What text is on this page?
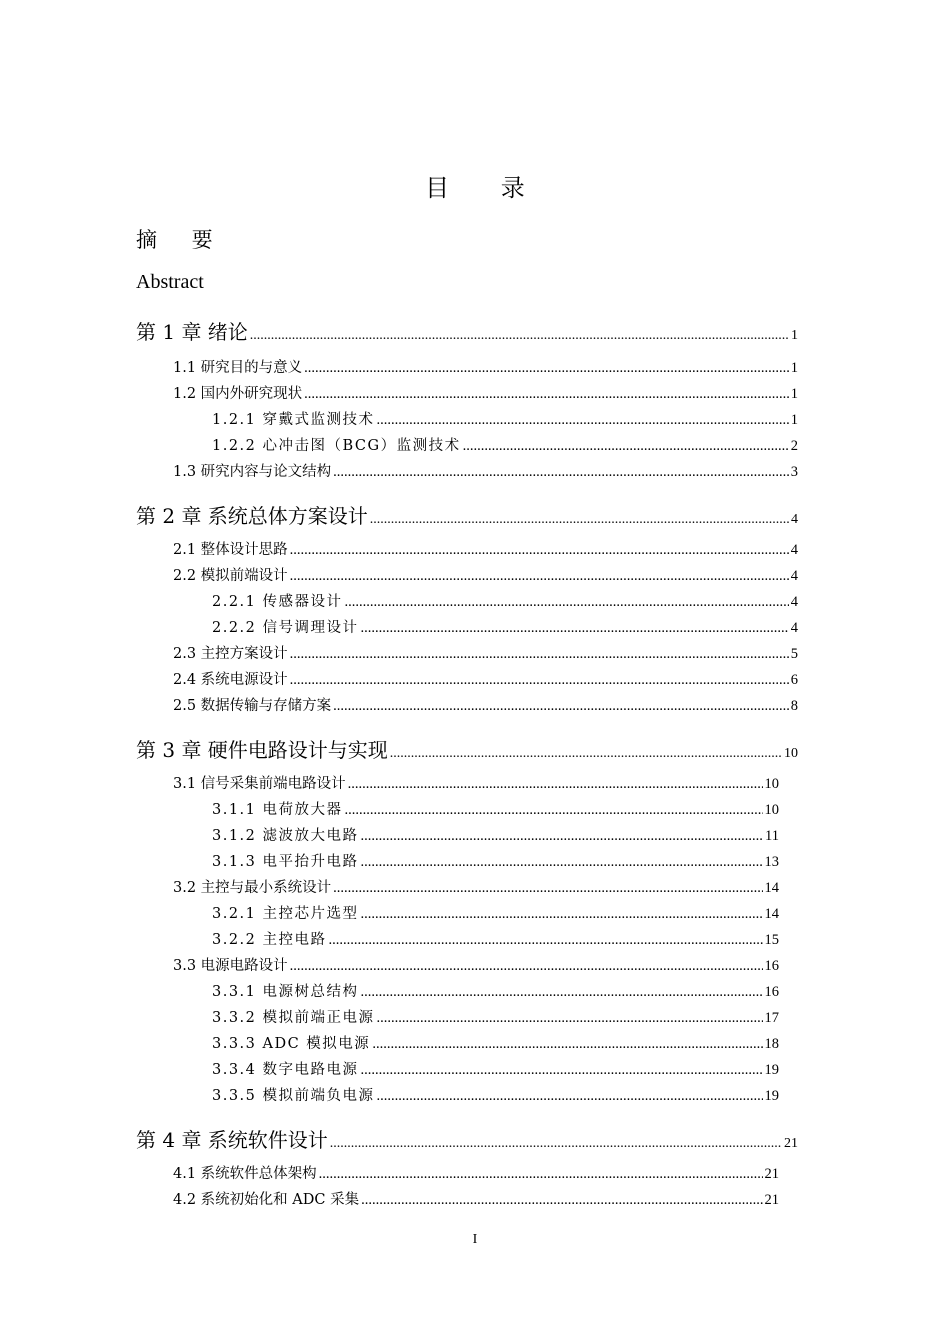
目 录
摘 要
Abstract
第 1 章 绪论 .....	1
1.1 研究目的与意义 .....	1
1.2 国内外研究现状 .....	1
1.2.1 穿戴式监测技术 .....	1
1.2.2 心冲击图（BCG）监测技术 .....	2
1.3 研究内容与论文结构 .....	3
第 2 章 系统总体方案设计 .....	4
2.1 整体设计思路 .....	4
2.2 模拟前端设计 .....	4
2.2.1 传感器设计 .....	4
2.2.2 信号调理设计 .....	4
2.3 主控方案设计 .....	5
2.4 系统电源设计 .....	6
2.5 数据传输与存储方案 .....	8
第 3 章 硬件电路设计与实现 .....	10
3.1 信号采集前端电路设计 .....	10
3.1.1 电荷放大器 .....	10
3.1.2 滤波放大电路 .....	11
3.1.3 电平抬升电路 .....	13
3.2 主控与最小系统设计 .....	14
3.2.1 主控芯片选型 .....	14
3.2.2 主控电路 .....	15
3.3 电源电路设计 .....	16
3.3.1 电源树总结构 .....	16
3.3.2 模拟前端正电源 .....	17
3.3.3 ADC 模拟电源 .....	18
3.3.4 数字电路电源 .....	19
3.3.5 模拟前端负电源 .....	19
第 4 章 系统软件设计 .....	21
4.1 系统软件总体架构 .....	21
4.2 系统初始化和 ADC 采集 .....	21
I
